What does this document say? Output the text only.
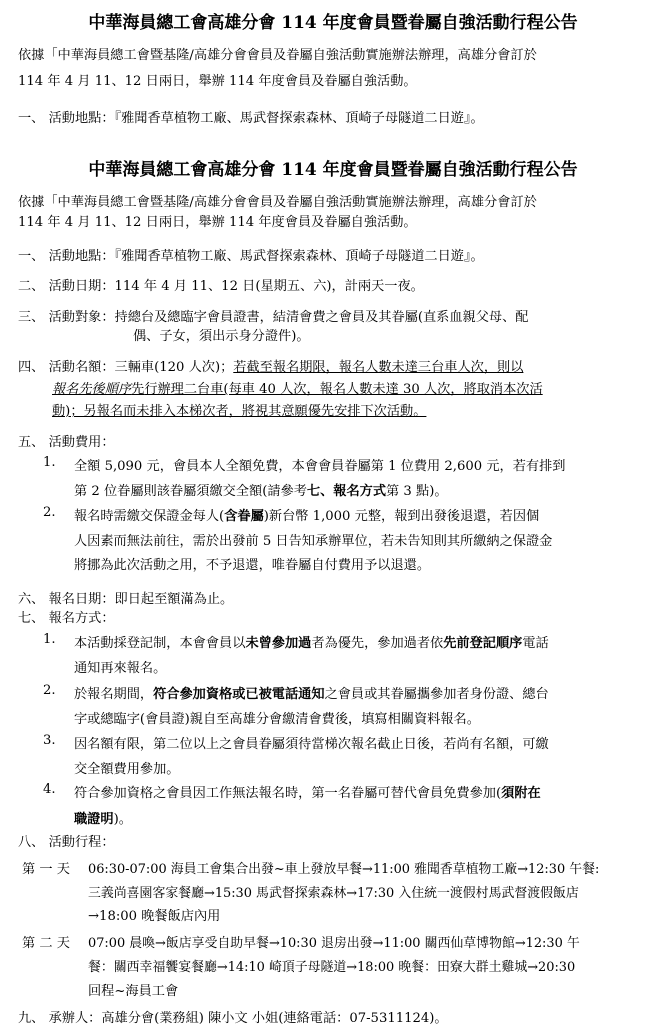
中華海員總工會高雄分會 114 年度會員暨眷屬自強活動行程公告
依據「中華海員總工會暨基隆/高雄分會會員及眷屬自強活動實施辦法辦理，高雄分會訂於
114 年 4 月 11、12 日兩日，舉辦 114 年度會員及眷屬自強活動。
一、 活動地點：『雅聞香草植物工廠、馬武督探索森林、頂崎子母隧道二日遊』。
中華海員總工會高雄分會 114 年度會員暨眷屬自強活動行程公告
依據「中華海員總工會暨基隆/高雄分會會員及眷屬自強活動實施辦法辦理，高雄分會訂於
114 年 4 月 11、12 日兩日，舉辦 114 年度會員及眷屬自強活動。
一、 活動地點：『雅聞香草植物工廠、馬武督探索森林、頂崎子母隧道二日遊』。
二、 活動日期：114 年 4 月 11、12 日(星期五、六)，計兩天一夜。
三、 活動對象：持總台及總臨字會員證書，結清會費之會員及其眷屬(直系血親父母、配
偶、子女，須出示身分證件)。
四、 活動名額：三輛車(120 人次)；若截至報名期限，報名人數未達三台車人次，則以
報名先後順序先行辦理二台車(每車 40 人次，報名人數未達 30 人次，將取消本次活
動)；另報名而未排入本梯次者，將視其意願優先安排下次活動。
五、 活動費用：
1. 全額 5,090 元，會員本人全額免費，本會會員眷屬第 1 位費用 2,600 元，若有排到
第 2 位眷屬則該眷屬須繳交全額(請參考七、報名方式第 3 點)。
2. 報名時需繳交保證金每人(含眷屬)新台幣 1,000 元整，報到出發後退還，若因個
人因素而無法前往，需於出發前 5 日告知承辦單位，若未告知則其所繳納之保證金
將挪為此次活動之用，不予退還，唯眷屬自付費用予以退還。
六、 報名日期：即日起至額滿為止。
七、 報名方式：
1. 本活動採登記制，本會會員以未曾參加過者為優先，參加過者依先前登記順序電話
通知再來報名。
2. 於報名期間，符合參加資格或已被電話通知之會員或其眷屬攜參加者身份證、總台
字或總臨字(會員證)親自至高雄分會繳清會費後，填寫相關資料報名。
3. 因名額有限，第二位以上之會員眷屬須待當梯次報名截止日後，若尚有名額，可繳
交全額費用參加。
4. 符合參加資格之會員因工作無法報名時，第一名眷屬可替代會員免費參加(須附在
職證明)。
八、 活動行程：
第 一 天 06:30-07:00 海員工會集合出發~車上發放早餐→11:00 雅聞香草植物工廠→12:30 午餐:
三義尚喜園客家餐廳→15:30 馬武督探索森林→17:30 入住統一渡假村馬武督渡假飯店
→18:00 晚餐飯店內用
第 二 天 07:00 晨喚→飯店享受自助早餐→10:30 退房出發→11:00 關西仙草博物館→12:30 午
餐：關西幸福饗宴餐廳→14:10 崎頂子母隧道→18:00 晚餐：田寮大群土雞城→20:30
回程~海員工會
九、 承辦人：高雄分會(業務組) 陳小文 小姐(連絡電話：07-5311124)。
